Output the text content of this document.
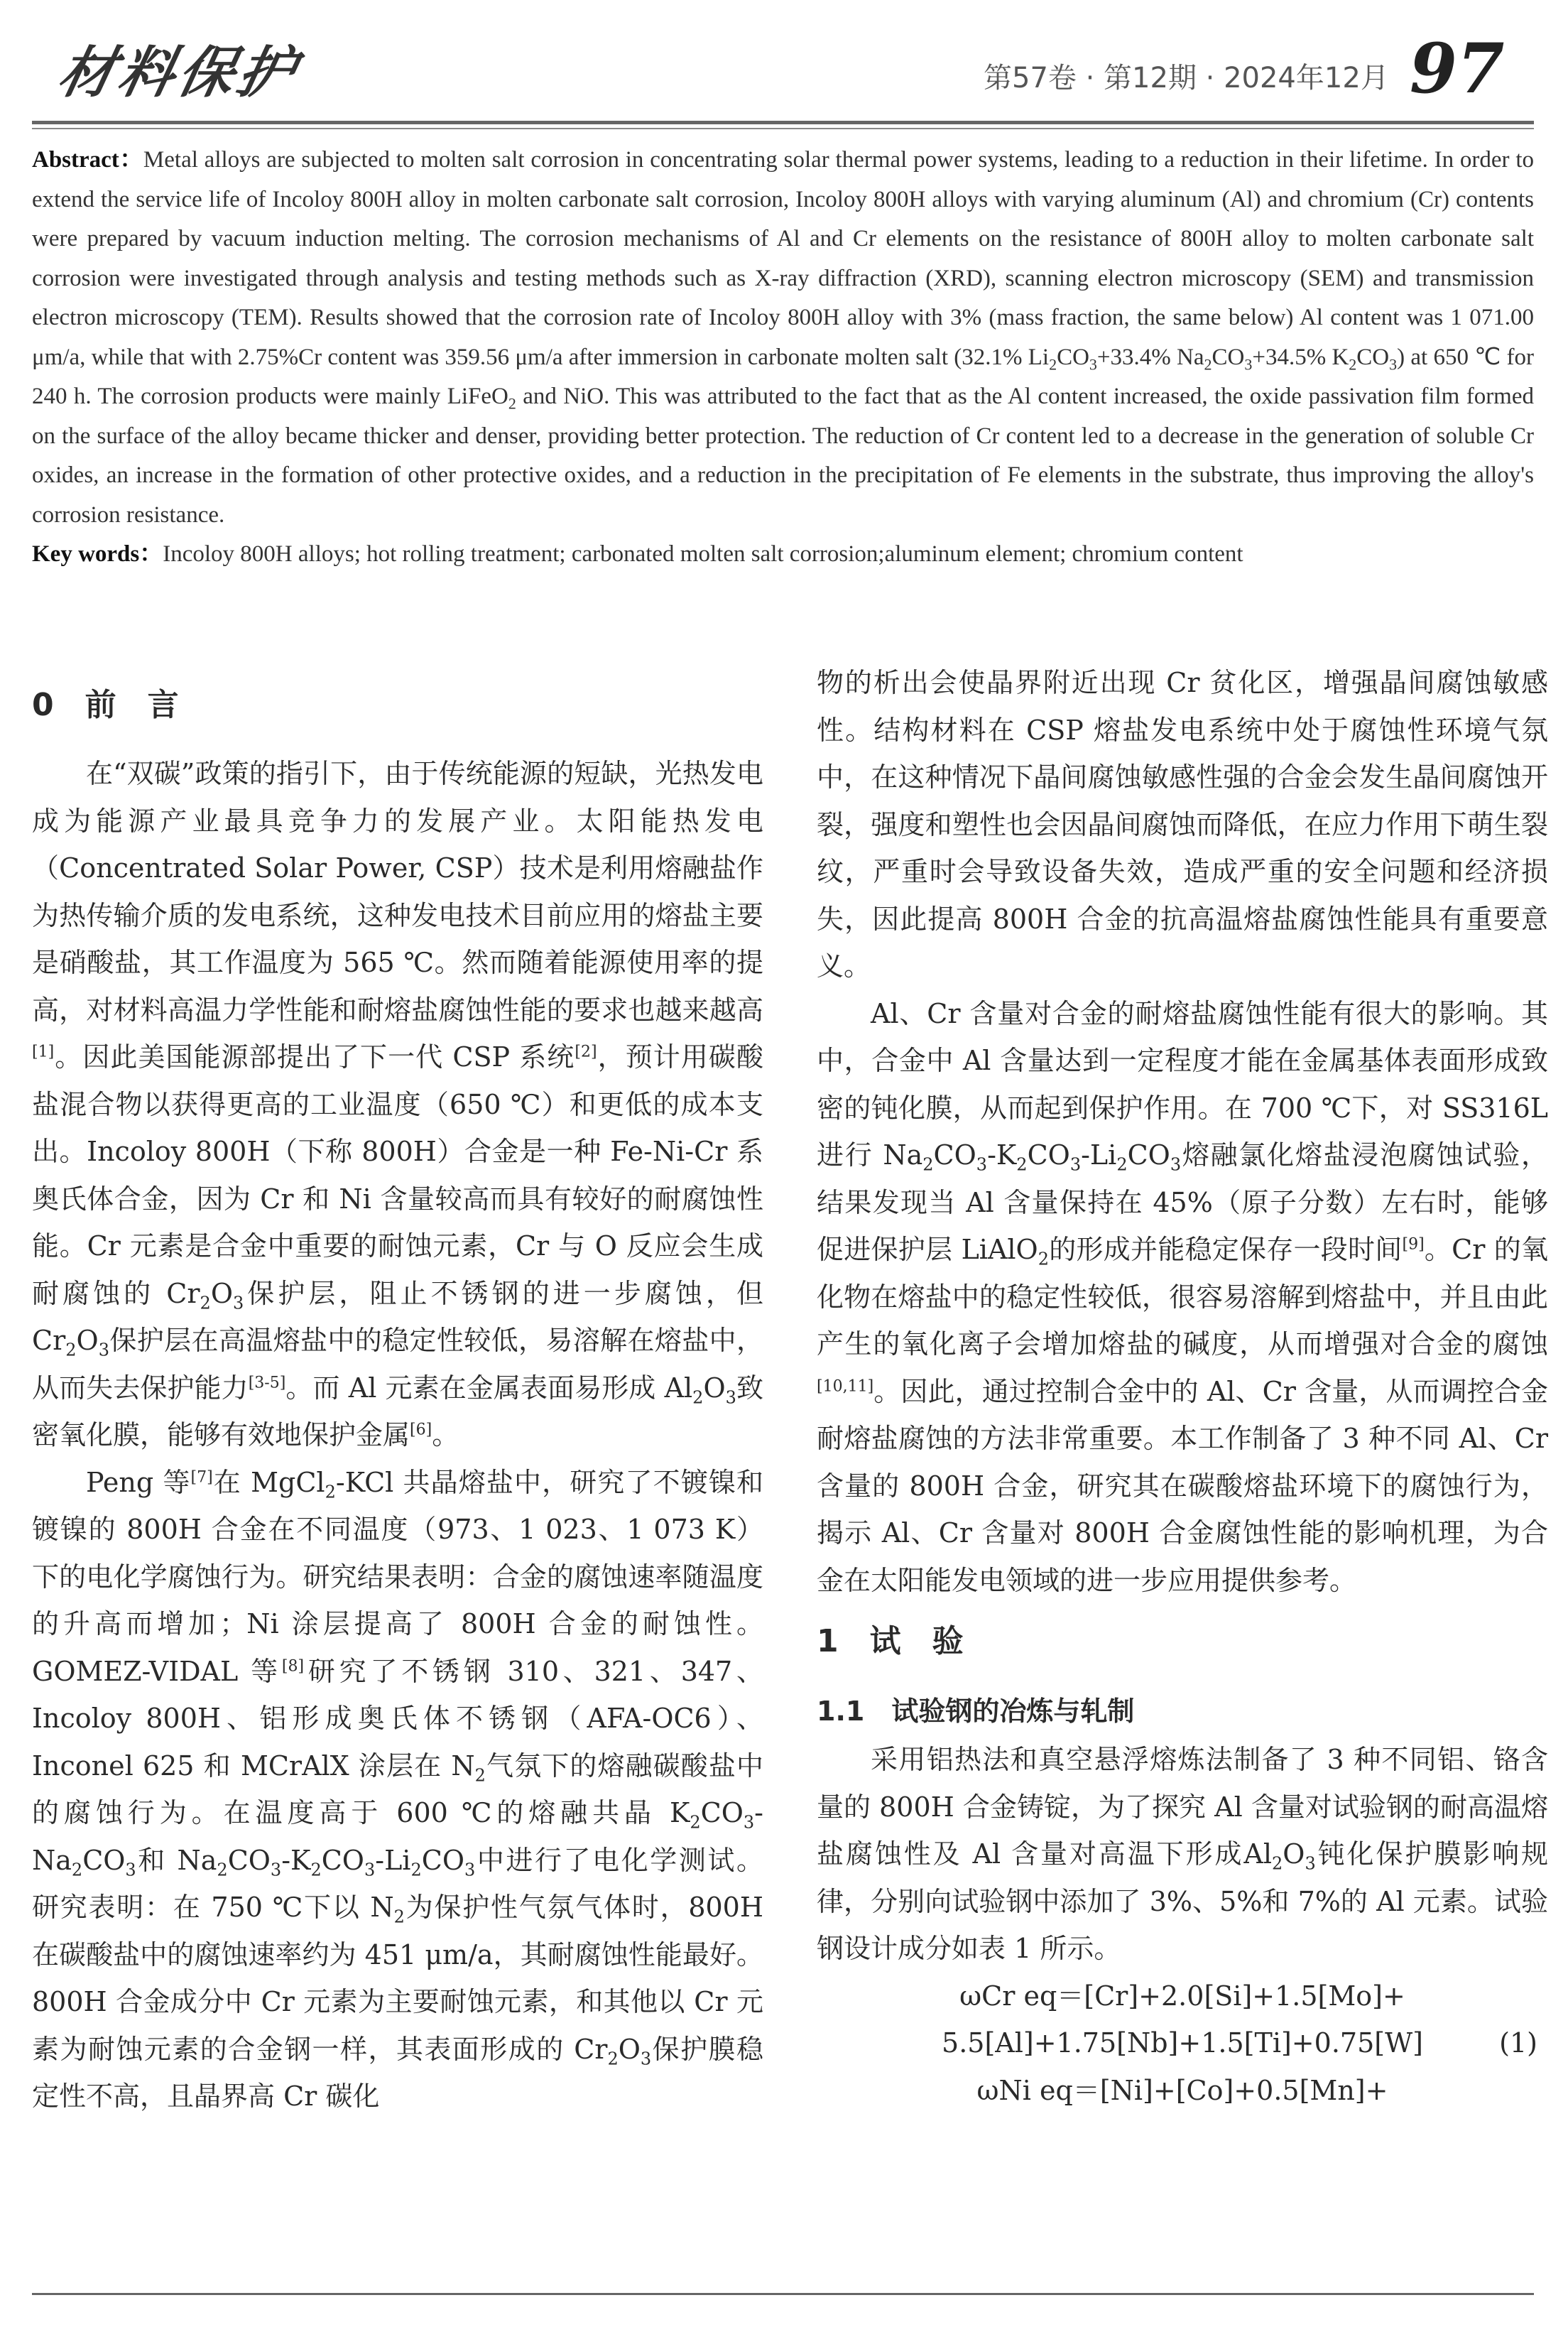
材料保护	第57卷 · 第12期 · 2024年12月 97
Abstract：Metal alloys are subjected to molten salt corrosion in concentrating solar thermal power systems, leading to a reduction in their lifetime. In order to extend the service life of Incoloy 800H alloy in molten carbonate salt corrosion, Incoloy 800H alloys with varying aluminum (Al) and chromium (Cr) contents were prepared by vacuum induction melting. The corrosion mechanisms of Al and Cr elements on the resistance of 800H alloy to molten carbonate salt corrosion were investigated through analysis and testing methods such as X-ray diffraction (XRD), scanning electron microscopy (SEM) and transmission electron microscopy (TEM). Results showed that the corrosion rate of Incoloy 800H alloy with 3% (mass fraction, the same below) Al content was 1 071.00 μm/a, while that with 2.75%Cr content was 359.56 μm/a after immersion in carbonate molten salt (32.1% $Li_2CO_3+33.4\%$ $Na_2CO_3+34.5\%$ $K_2CO_3$) at 650 ℃ for 240 h. The corrosion products were mainly LiFeO$_2$ and NiO. This was attributed to the fact that as the Al content increased, the oxide passivation film formed on the surface of the alloy became thicker and denser, providing better protection. The reduction of Cr content led to a decrease in the generation of soluble Cr oxides, an increase in the formation of other protective oxides, and a reduction in the precipitation of Fe elements in the substrate, thus improving the alloy's corrosion resistance.
Key words：Incoloy 800H alloys; hot rolling treatment; carbonated molten salt corrosion;aluminum element; chromium content
0　前　言

在“双碳”政策的指引下，由于传统能源的短缺，光热发电成为能源产业最具竞争力的发展产业。太阳能热发电（Concentrated Solar Power, CSP）技术是利用熔融盐作为热传输介质的发电系统，这种发电技术目前应用的熔盐主要是硝酸盐，其工作温度为 565 ℃。然而随着能源使用率的提高，对材料高温力学性能和耐熔盐腐蚀性能的要求也越来越高[1]。因此美国能源部提出了下一代 CSP 系统[2]，预计用碳酸盐混合物以获得更高的工业温度（650 ℃）和更低的成本支出。Incoloy 800H（下称 800H）合金是一种 Fe-Ni-Cr 系奥氏体合金，因为 Cr 和 Ni 含量较高而具有较好的耐腐蚀性能。Cr 元素是合金中重要的耐蚀元素，Cr 与 O 反应会生成耐腐蚀的 $Cr_2O_3$保护层，阻止不锈钢的进一步腐蚀，但 $Cr_2O_3$保护层在高温熔盐中的稳定性较低，易溶解在熔盐中，从而失去保护能力[3-5]。而 Al 元素在金属表面易形成 $Al_2O_3$致密氧化膜，能够有效地保护金属[6]。

Peng 等[7]在 MgCl$_2$-KCl 共晶熔盐中，研究了不镀镍和镀镍的 800H 合金在不同温度（973、1 023、1 073 K）下的电化学腐蚀行为。研究结果表明：合金的腐蚀速率随温度的升高而增加；Ni 涂层提高了 800H 合金的耐蚀性。GOMEZ-VIDAL 等[8]研究了不锈钢 310、321、347、Incoloy 800H、铝形成奥氏体不锈钢（AFA-OC6）、Inconel 625 和 MCrAlX 涂层在 $N_2$气氛下的熔融碳酸盐中的腐蚀行为。在温度高于 600 ℃的熔融共晶 $K_2CO_3-Na_2CO_3$和 $Na_2CO_3-K_2CO_3-Li_2CO_3$中进行了电化学测试。研究表明：在 750 ℃下以 $N_2$为保护性气氛气体时，800H 在碳酸盐中的腐蚀速率约为 451 μm/a，其耐腐蚀性能最好。800H 合金成分中 Cr 元素为主要耐蚀元素，和其他以 Cr 元素为耐蚀元素的合金钢一样，其表面形成的 $Cr_2O_3$保护膜稳定性不高，且晶界高 Cr 碳化

物的析出会使晶界附近出现 Cr 贫化区，增强晶间腐蚀敏感性。结构材料在 CSP 熔盐发电系统中处于腐蚀性环境气氛中，在这种情况下晶间腐蚀敏感性强的合金会发生晶间腐蚀开裂，强度和塑性也会因晶间腐蚀而降低，在应力作用下萌生裂纹，严重时会导致设备失效，造成严重的安全问题和经济损失，因此提高 800H 合金的抗高温熔盐腐蚀性能具有重要意义。

Al、Cr 含量对合金的耐熔盐腐蚀性能有很大的影响。其中，合金中 Al 含量达到一定程度才能在金属基体表面形成致密的钝化膜，从而起到保护作用。在 700 ℃下，对 SS316L 进行 $Na_2CO_3-K_2CO_3-Li_2CO_3$熔融氯化熔盐浸泡腐蚀试验，结果发现当 Al 含量保持在 45%（原子分数）左右时，能够促进保护层 LiAlO$_2$的形成并能稳定保存一段时间[9]。Cr 的氧化物在熔盐中的稳定性较低，很容易溶解到熔盐中，并且由此产生的氧化离子会增加熔盐的碱度，从而增强对合金的腐蚀[10,11]。因此，通过控制合金中的 Al、Cr 含量，从而调控合金耐熔盐腐蚀的方法非常重要。本工作制备了 3 种不同 Al、Cr 含量的 800H 合金，研究其在碳酸熔盐环境下的腐蚀行为，揭示 Al、Cr 含量对 800H 合金腐蚀性能的影响机理，为合金在太阳能发电领域的进一步应用提供参考。

1　试　验
1.1　试验钢的冶炼与轧制

采用铝热法和真空悬浮熔炼法制备了 3 种不同铝、铬含量的 800H 合金铸锭，为了探究 Al 含量对试验钢的耐高温熔盐腐蚀性及 Al 含量对高温下形成$Al_2O_3$钝化保护膜影响规律，分别向试验钢中添加了 3%、5%和 7%的 Al 元素。试验钢设计成分如表 1 所示。

ωCr eq＝[Cr]+2.0[Si]+1.5[Mo]+

5.5[Al]+1.75[Nb]+1.5[Ti]+0.75[W]	(1)

ωNi eq＝[Ni]+[Co]+0.5[Mn]+
